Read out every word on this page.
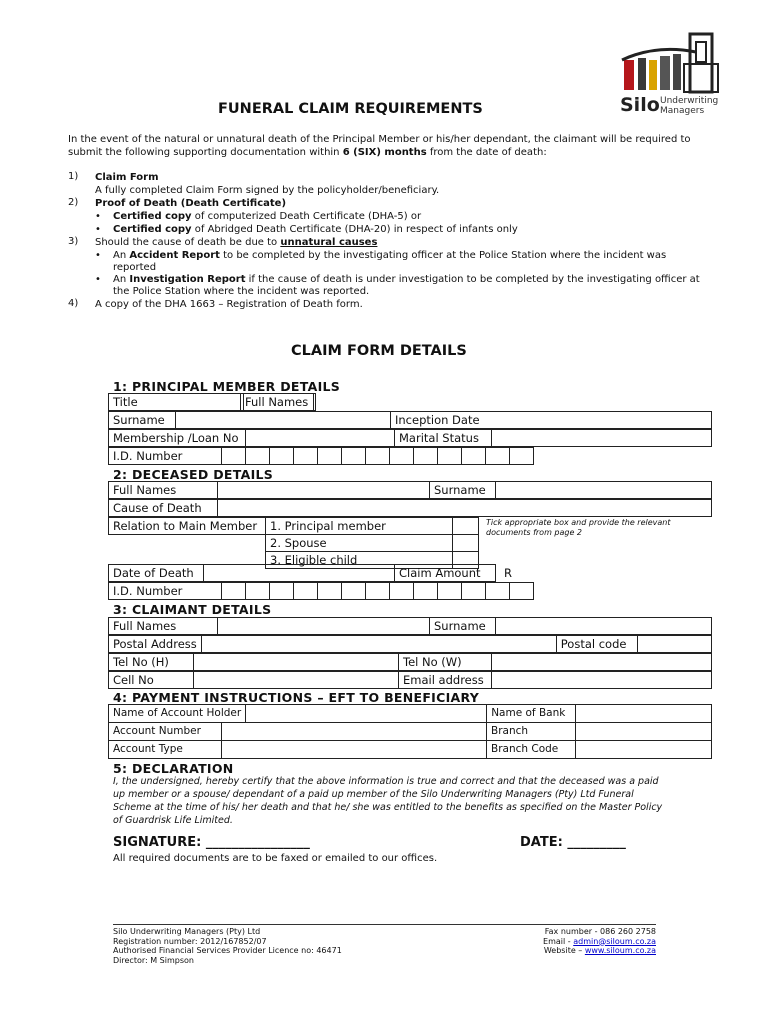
Silo Underwriting
Managers
FUNERAL CLAIM REQUIREMENTS
In the event of the natural or unnatural death of the Principal Member or his/her dependant, the claimant will be required to submit the following supporting documentation within 6 (SIX) months from the date of death:
1) Claim Form
A fully completed Claim Form signed by the policyholder/beneficiary.
2) Proof of Death (Death Certificate)
• Certified copy of computerized Death Certificate (DHA-5) or
• Certified copy of Abridged Death Certificate (DHA-20) in respect of infants only
3) Should the cause of death be due to unnatural causes
• An Accident Report to be completed by the investigating officer at the Police Station where the incident was
reported
• An Investigation Report if the cause of death is under investigation to be completed by the investigating officer at
the Police Station where the incident was reported.
4) A copy of the DHA 1663 – Registration of Death form.
CLAIM FORM DETAILS
1: PRINCIPAL MEMBER DETAILS
Title		Full Names
Surname		Inception Date	
Membership /Loan No		Marital Status	
I.D. Number													
2: DECEASED DETAILS
Full Names		Surname	
Cause of Death	
Relation to Main Member 1. Principal member	
2. Spouse	
3. Eligible child	
Tick appropriate box and provide the relevant documents from page 2
Date of Death		Claim Amount R
I.D. Number													
3: CLAIMANT DETAILS
Full Names		Surname	
Postal Address		Postal code	
Tel No (H)		Tel No (W)	
Cell No		Email address	
4: PAYMENT INSTRUCTIONS – EFT TO BENEFICIARY
Name of Account Holder		Name of Bank	
Account Number		Branch	
Account Type		Branch Code	
5: DECLARATION
I, the undersigned, hereby certify that the above information is true and correct and that the deceased was a paid up member or a spouse/ dependant of a paid up member of the Silo Underwriting Managers (Pty) Ltd Funeral Scheme at the time of his/ her death and that he/ she was entitled to the benefits as specified on the Master Policy of Guardrisk Life Limited.
SIGNATURE: ________________	DATE: _________
All required documents are to be faxed or emailed to our offices.
Silo Underwriting Managers (Pty) Ltd
Registration number: 2012/167852/07
Authorised Financial Services Provider Licence no: 46471
Director: M Simpson
Fax number - 086 260 2758
Email - admin@siloum.co.za
Website – www.siloum.co.za
